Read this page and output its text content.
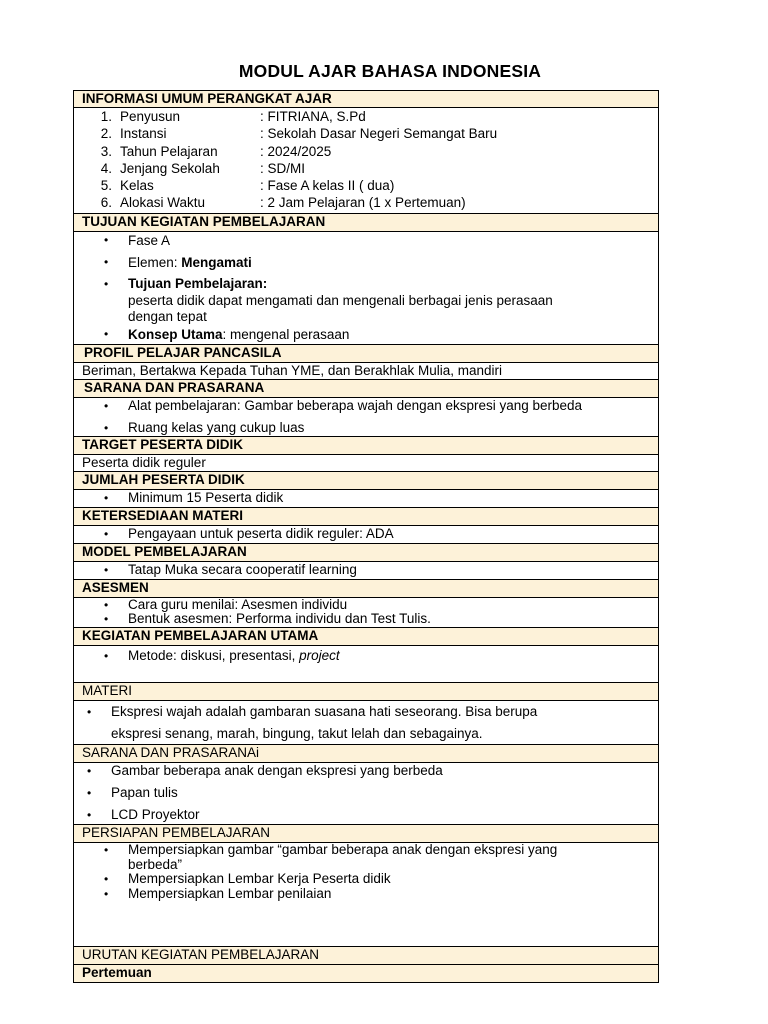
MODUL AJAR BAHASA INDONESIA
INFORMASI UMUM PERANGKAT AJAR
1. Penyusun	: FITRIANA, S.Pd
2. Instansi	: Sekolah Dasar Negeri Semangat Baru
3. Tahun Pelajaran	: 2024/2025
4. Jenjang Sekolah	: SD/MI
5. Kelas	: Fase A kelas II ( dua)
6. Alokasi Waktu	: 2 Jam Pelajaran (1 x Pertemuan)
TUJUAN KEGIATAN PEMBELAJARAN
• Fase A
• Elemen: Mengamati
• Tujuan Pembelajaran:
peserta didik dapat mengamati dan mengenali berbagai jenis perasaan
dengan tepat
• Konsep Utama: mengenal perasaan
PROFIL PELAJAR PANCASILA
Beriman, Bertakwa Kepada Tuhan YME, dan Berakhlak Mulia, mandiri
SARANA DAN PRASARANA
• Alat pembelajaran: Gambar beberapa wajah dengan ekspresi yang berbeda
• Ruang kelas yang cukup luas
TARGET PESERTA DIDIK
Peserta didik reguler
JUMLAH PESERTA DIDIK
• Minimum 15 Peserta didik
KETERSEDIAAN MATERI
• Pengayaan untuk peserta didik reguler: ADA
MODEL PEMBELAJARAN
• Tatap Muka secara cooperatif learning
ASESMEN
• Cara guru menilai: Asesmen individu
• Bentuk asesmen: Performa individu dan Test Tulis.
KEGIATAN PEMBELAJARAN UTAMA
• Metode: diskusi, presentasi, project
MATERI
• Ekspresi wajah adalah gambaran suasana hati seseorang. Bisa berupa
ekspresi senang, marah, bingung, takut lelah dan sebagainya.
SARANA DAN PRASARANAi
• Gambar beberapa anak dengan ekspresi yang berbeda
• Papan tulis
• LCD Proyektor
PERSIAPAN PEMBELAJARAN
• Mempersiapkan gambar “gambar beberapa anak dengan ekspresi yang
berbeda”
• Mempersiapkan Lembar Kerja Peserta didik
• Mempersiapkan Lembar penilaian
URUTAN KEGIATAN PEMBELAJARAN
Pertemuan
